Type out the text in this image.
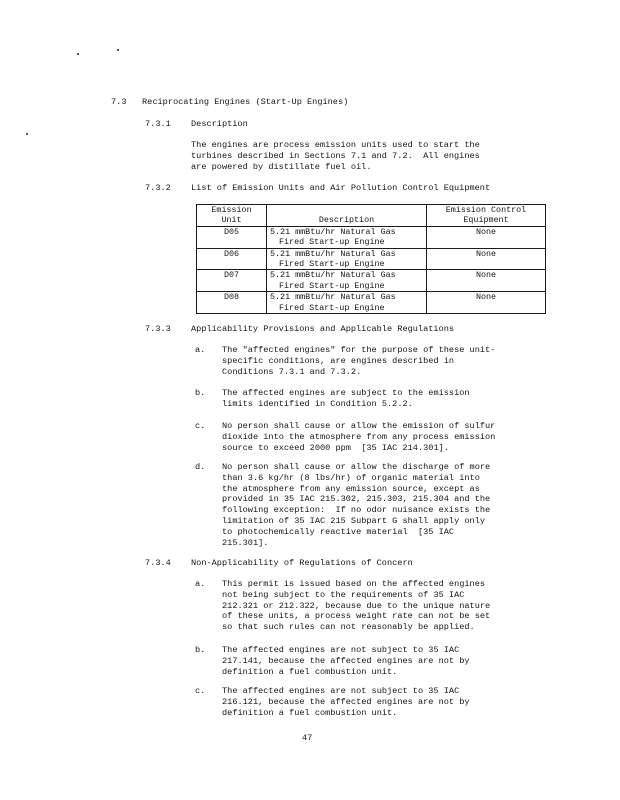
7.3 Reciprocating Engines (Start-Up Engines)
7.3.1 Description
The engines are process emission units used to start the
turbines described in Sections 7.1 and 7.2.  All engines
are powered by distillate fuel oil.
7.3.2 List of Emission Units and Air Pollution Control Equipment
Emission
Unit	Description	Emission Control
Equipment

D05	5.21 mmBtu/hr Natural Gas
Fired Start-up Engine	None
D06	5.21 mmBtu/hr Natural Gas
Fired Start-up Engine	None
D07	5.21 mmBtu/hr Natural Gas
Fired Start-up Engine	None
D08	5.21 mmBtu/hr Natural Gas
Fired Start-up Engine	None
7.3.3 Applicability Provisions and Applicable Regulations
a. The "affected engines" for the purpose of these unit-
specific conditions, are engines described in
Conditions 7.3.1 and 7.3.2.
b. The affected engines are subject to the emission
limits identified in Condition 5.2.2.
c. No person shall cause or allow the emission of sulfur
dioxide into the atmosphere from any process emission
source to exceed 2000 ppm  [35 IAC 214.301].
d. No person shall cause or allow the discharge of more
than 3.6 kg/hr (8 lbs/hr) of organic material into
the atmosphere from any emission source, except as
provided in 35 IAC 215.302, 215.303, 215.304 and the
following exception:  If no odor nuisance exists the
limitation of 35 IAC 215 Subpart G shall apply only
to photochemically reactive material  [35 IAC
215.301].
7.3.4 Non-Applicability of Regulations of Concern
a. This permit is issued based on the affected engines
not being subject to the requirements of 35 IAC
212.321 or 212.322, because due to the unique nature
of these units, a process weight rate can not be set
so that such rules can not reasonably be applied.
b. The affected engines are not subject to 35 IAC
217.141, because the affected engines are not by
definition a fuel combustion unit.
c. The affected engines are not subject to 35 IAC
216.121, because the affected engines are not by
definition a fuel combustion unit.
47
